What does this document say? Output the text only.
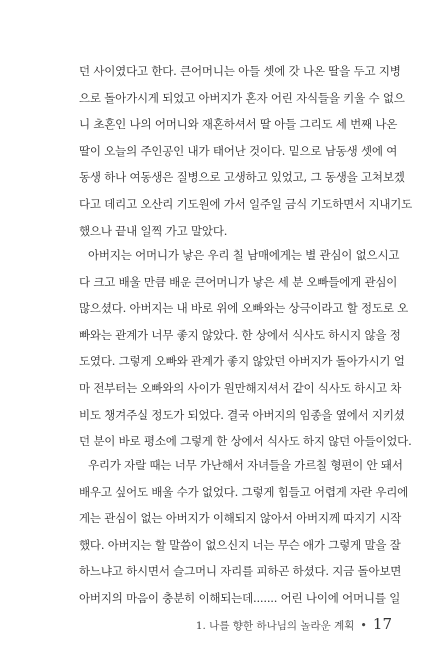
던 사이였다고 한다. 큰어머니는 아들 셋에 갓 나온 딸을 두고 지병
으로 돌아가시게 되었고 아버지가 혼자 어린 자식들을 키울 수 없으
니 초혼인 나의 어머니와 재혼하셔서 딸 아들 그리도 세 번째 나온
딸이 오늘의 주인공인 내가 태어난 것이다. 밑으로 남동생 셋에 여
동생 하나 여동생은 질병으로 고생하고 있었고, 그 동생을 고쳐보겠
다고 데리고 오산리 기도원에 가서 일주일 금식 기도하면서 지내기도
했으나 끝내 일찍 가고 말았다.
아버지는 어머니가 낳은 우리 칠 남매에게는 별 관심이 없으시고
다 크고 배울 만큼 배운 큰어머니가 낳은 세 분 오빠들에게 관심이
많으셨다. 아버지는 내 바로 위에 오빠와는 상극이라고 할 정도로 오
빠와는 관계가 너무 좋지 않았다. 한 상에서 식사도 하시지 않을 정
도였다. 그렇게 오빠와 관계가 좋지 않았던 아버지가 돌아가시기 얼
마 전부터는 오빠와의 사이가 원만해지셔서 같이 식사도 하시고 차
비도 챙겨주실 정도가 되었다. 결국 아버지의 임종을 옆에서 지키셨
던 분이 바로 평소에 그렇게 한 상에서 식사도 하지 않던 아들이었다.
우리가 자랄 때는 너무 가난해서 자녀들을 가르칠 형편이 안 돼서
배우고 싶어도 배울 수가 없었다. 그렇게 힘들고 어렵게 자란 우리에
게는 관심이 없는 아버지가 이해되지 않아서 아버지께 따지기 시작
했다. 아버지는 할 말씀이 없으신지 너는 무슨 애가 그렇게 말을 잘
하느냐고 하시면서 슬그머니 자리를 피하곤 하셨다. 지금 돌아보면
아버지의 마음이 충분히 이해되는데....... 어린 나이에 어머니를 일
1. 나를 향한 하나님의 놀라운 계획 • 17
